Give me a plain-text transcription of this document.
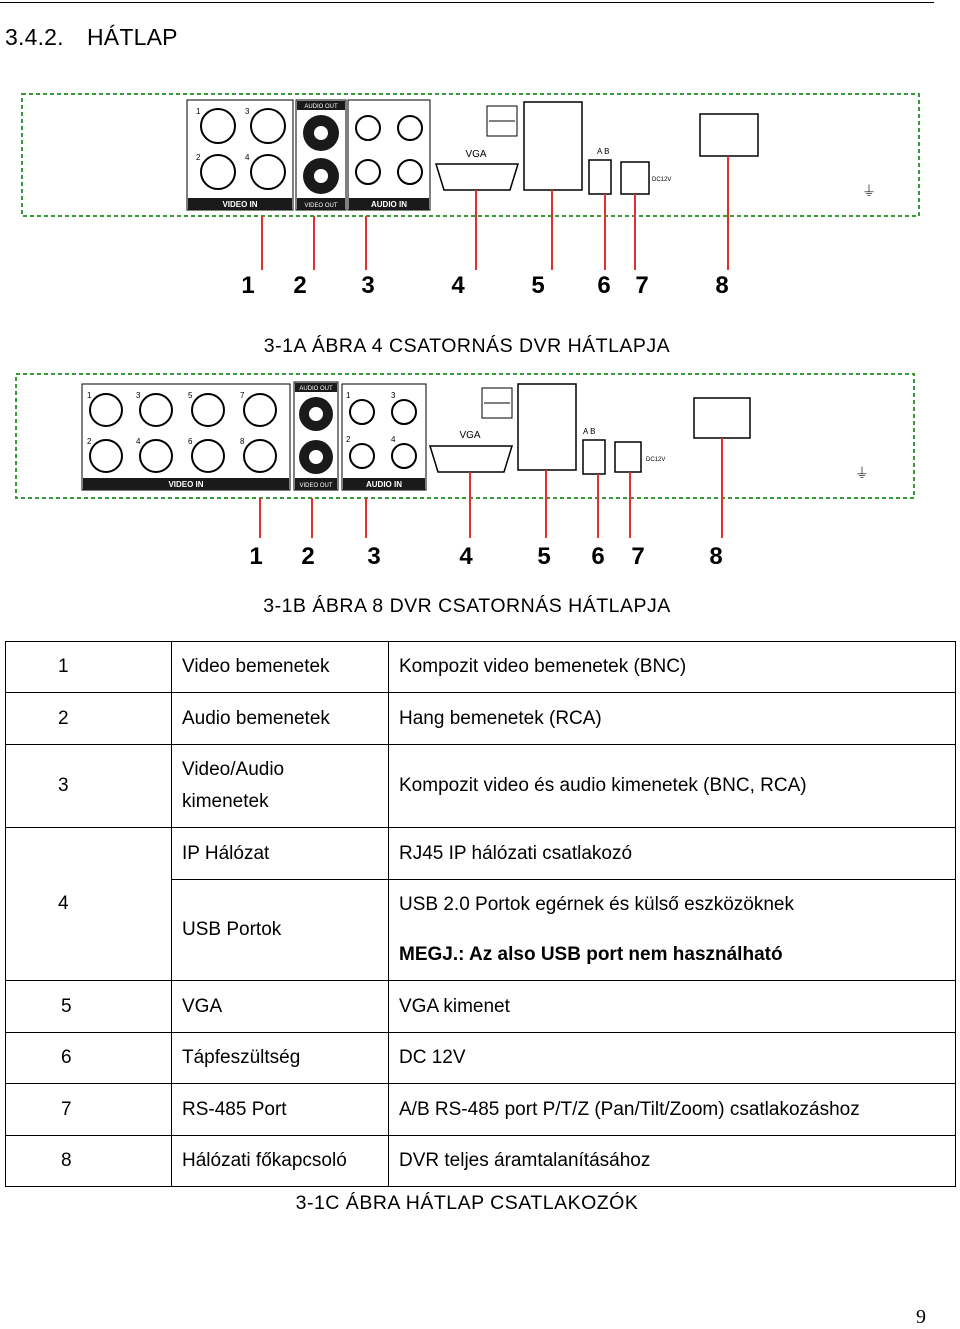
3.4.2. HÁTLAP
1	3
2	4
VIDEO IN
AUDIO OUT
VIDEO OUT	AUDIO IN
VGA	A B
DC12V
⏚
1 2 3	4	5 6 7	8
3-1A ÁBRA 4 CSATORNÁS DVR HÁTLAPJA
1	3	5	7
2	4	6	8
VIDEO IN
AUDIO OUT
VIDEO OUT
1	3
2	4
AUDIO IN
VGA	A B
DC12V
⏚
1 2 3	4	5 6 7	8
3-1B ÁBRA 8 DVR CSATORNÁS HÁTLAPJA
1	Video bemenetek	Kompozit video bemenetek (BNC)
2	Audio bemenetek	Hang bemenetek (RCA)
3	Video/Audio
kimenetek	Kompozit video és audio kimenetek (BNC, RCA)
4	IP Hálózat	RJ45 IP hálózati csatlakozó
	USB Portok	USB 2.0 Portok egérnek és külső eszközöknek
MEGJ.: Az also USB port nem használható

5	VGA	VGA kimenet
6	Tápfeszültség	DC 12V
7	RS-485 Port	A/B RS-485 port P/T/Z (Pan/Tilt/Zoom) csatlakozáshoz
8	Hálózati főkapcsoló	DVR teljes áramtalanításához
3-1C ÁBRA HÁTLAP CSATLAKOZÓK
9
